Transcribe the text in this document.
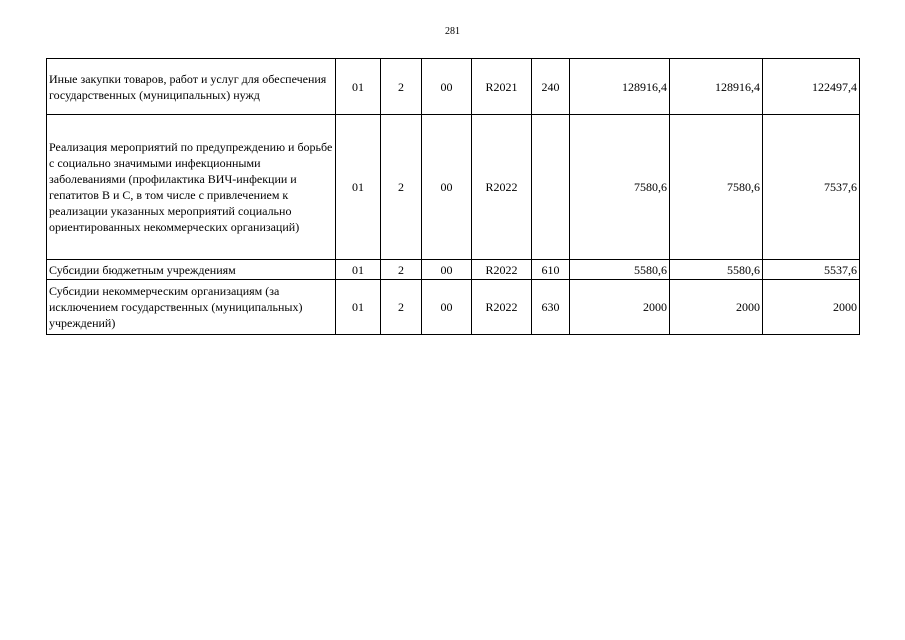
281
Иные закупки товаров, работ и услуг для обеспечения государственных (муниципальных) нужд	01	2	00	R2021	240	128916,4	128916,4	122497,4
Реализация мероприятий по предупреждению и борьбе с социально значимыми инфекционными заболеваниями (профилактика ВИЧ-инфекции и гепатитов В и С, в том числе с привлечением к реализации указанных мероприятий социально ориентированных некоммерческих организаций)	01	2	00	R2022		7580,6	7580,6	7537,6
Субсидии бюджетным учреждениям	01	2	00	R2022	610	5580,6	5580,6	5537,6
Субсидии некоммерческим организациям (за исключением государственных (муниципальных) учреждений)	01	2	00	R2022	630	2000	2000	2000
